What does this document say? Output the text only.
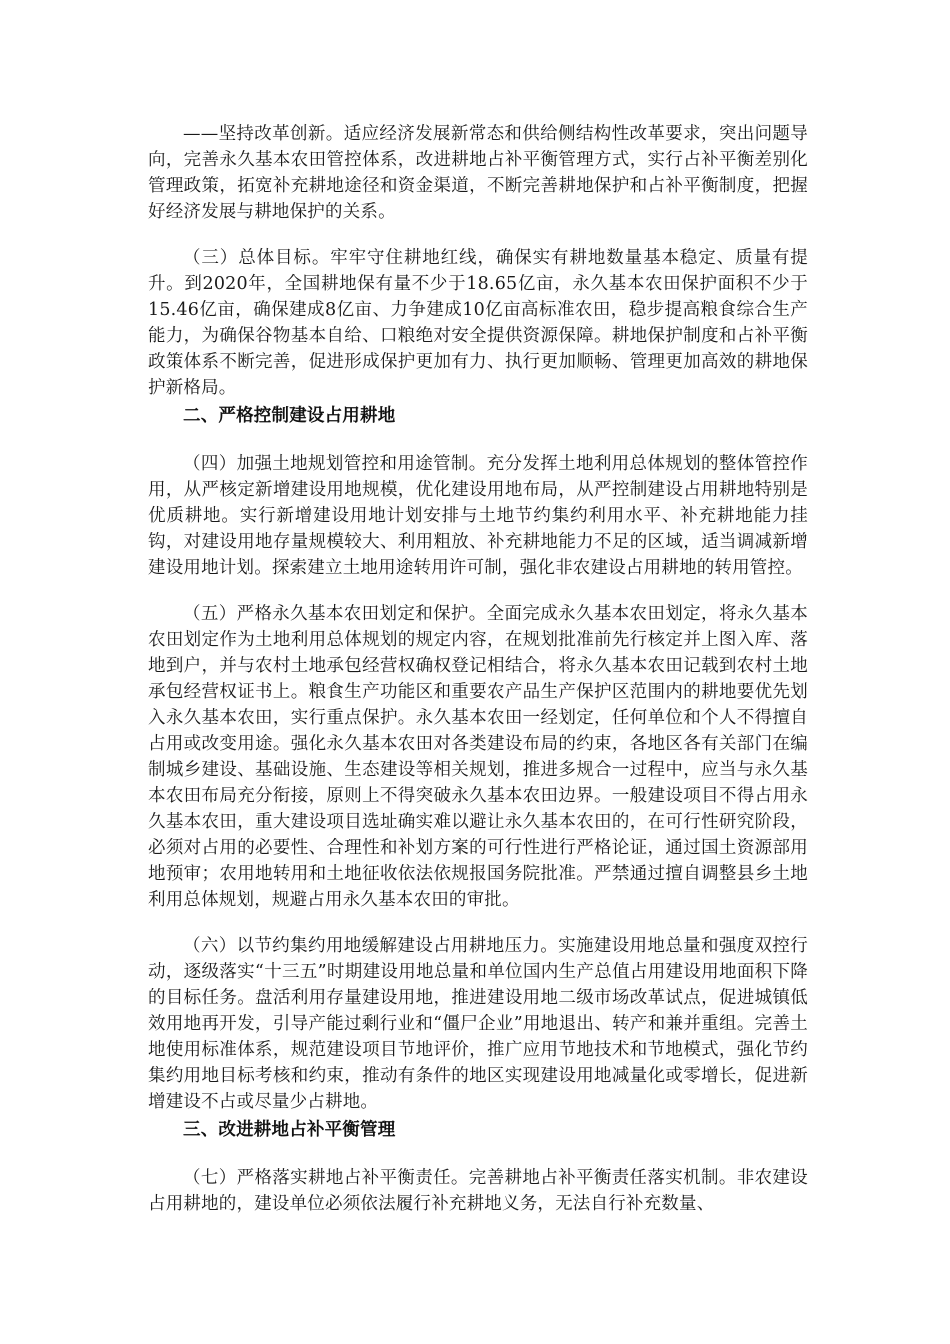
——坚持改革创新。适应经济发展新常态和供给侧结构性改革要求，突出问题导向，完善永久基本农田管控体系，改进耕地占补平衡管理方式，实行占补平衡差别化管理政策，拓宽补充耕地途径和资金渠道，不断完善耕地保护和占补平衡制度，把握好经济发展与耕地保护的关系。

（三）总体目标。牢牢守住耕地红线，确保实有耕地数量基本稳定、质量有提升。到2020年，全国耕地保有量不少于18.65亿亩，永久基本农田保护面积不少于15.46亿亩，确保建成8亿亩、力争建成10亿亩高标准农田，稳步提高粮食综合生产能力，为确保谷物基本自给、口粮绝对安全提供资源保障。耕地保护制度和占补平衡政策体系不断完善，促进形成保护更加有力、执行更加顺畅、管理更加高效的耕地保护新格局。

二、严格控制建设占用耕地

（四）加强土地规划管控和用途管制。充分发挥土地利用总体规划的整体管控作用，从严核定新增建设用地规模，优化建设用地布局，从严控制建设占用耕地特别是优质耕地。实行新增建设用地计划安排与土地节约集约利用水平、补充耕地能力挂钩，对建设用地存量规模较大、利用粗放、补充耕地能力不足的区域，适当调减新增建设用地计划。探索建立土地用途转用许可制，强化非农建设占用耕地的转用管控。

（五）严格永久基本农田划定和保护。全面完成永久基本农田划定，将永久基本农田划定作为土地利用总体规划的规定内容，在规划批准前先行核定并上图入库、落地到户，并与农村土地承包经营权确权登记相结合，将永久基本农田记载到农村土地承包经营权证书上。粮食生产功能区和重要农产品生产保护区范围内的耕地要优先划入永久基本农田，实行重点保护。永久基本农田一经划定，任何单位和个人不得擅自占用或改变用途。强化永久基本农田对各类建设布局的约束，各地区各有关部门在编制城乡建设、基础设施、生态建设等相关规划，推进多规合一过程中，应当与永久基本农田布局充分衔接，原则上不得突破永久基本农田边界。一般建设项目不得占用永久基本农田，重大建设项目选址确实难以避让永久基本农田的，在可行性研究阶段，必须对占用的必要性、合理性和补划方案的可行性进行严格论证，通过国土资源部用地预审；农用地转用和土地征收依法依规报国务院批准。严禁通过擅自调整县乡土地利用总体规划，规避占用永久基本农田的审批。

（六）以节约集约用地缓解建设占用耕地压力。实施建设用地总量和强度双控行动，逐级落实“十三五”时期建设用地总量和单位国内生产总值占用建设用地面积下降的目标任务。盘活利用存量建设用地，推进建设用地二级市场改革试点，促进城镇低效用地再开发，引导产能过剩行业和“僵尸企业”用地退出、转产和兼并重组。完善土地使用标准体系，规范建设项目节地评价，推广应用节地技术和节地模式，强化节约集约用地目标考核和约束，推动有条件的地区实现建设用地减量化或零增长，促进新增建设不占或尽量少占耕地。

三、改进耕地占补平衡管理

（七）严格落实耕地占补平衡责任。完善耕地占补平衡责任落实机制。非农建设占用耕地的，建设单位必须依法履行补充耕地义务，无法自行补充数量、
